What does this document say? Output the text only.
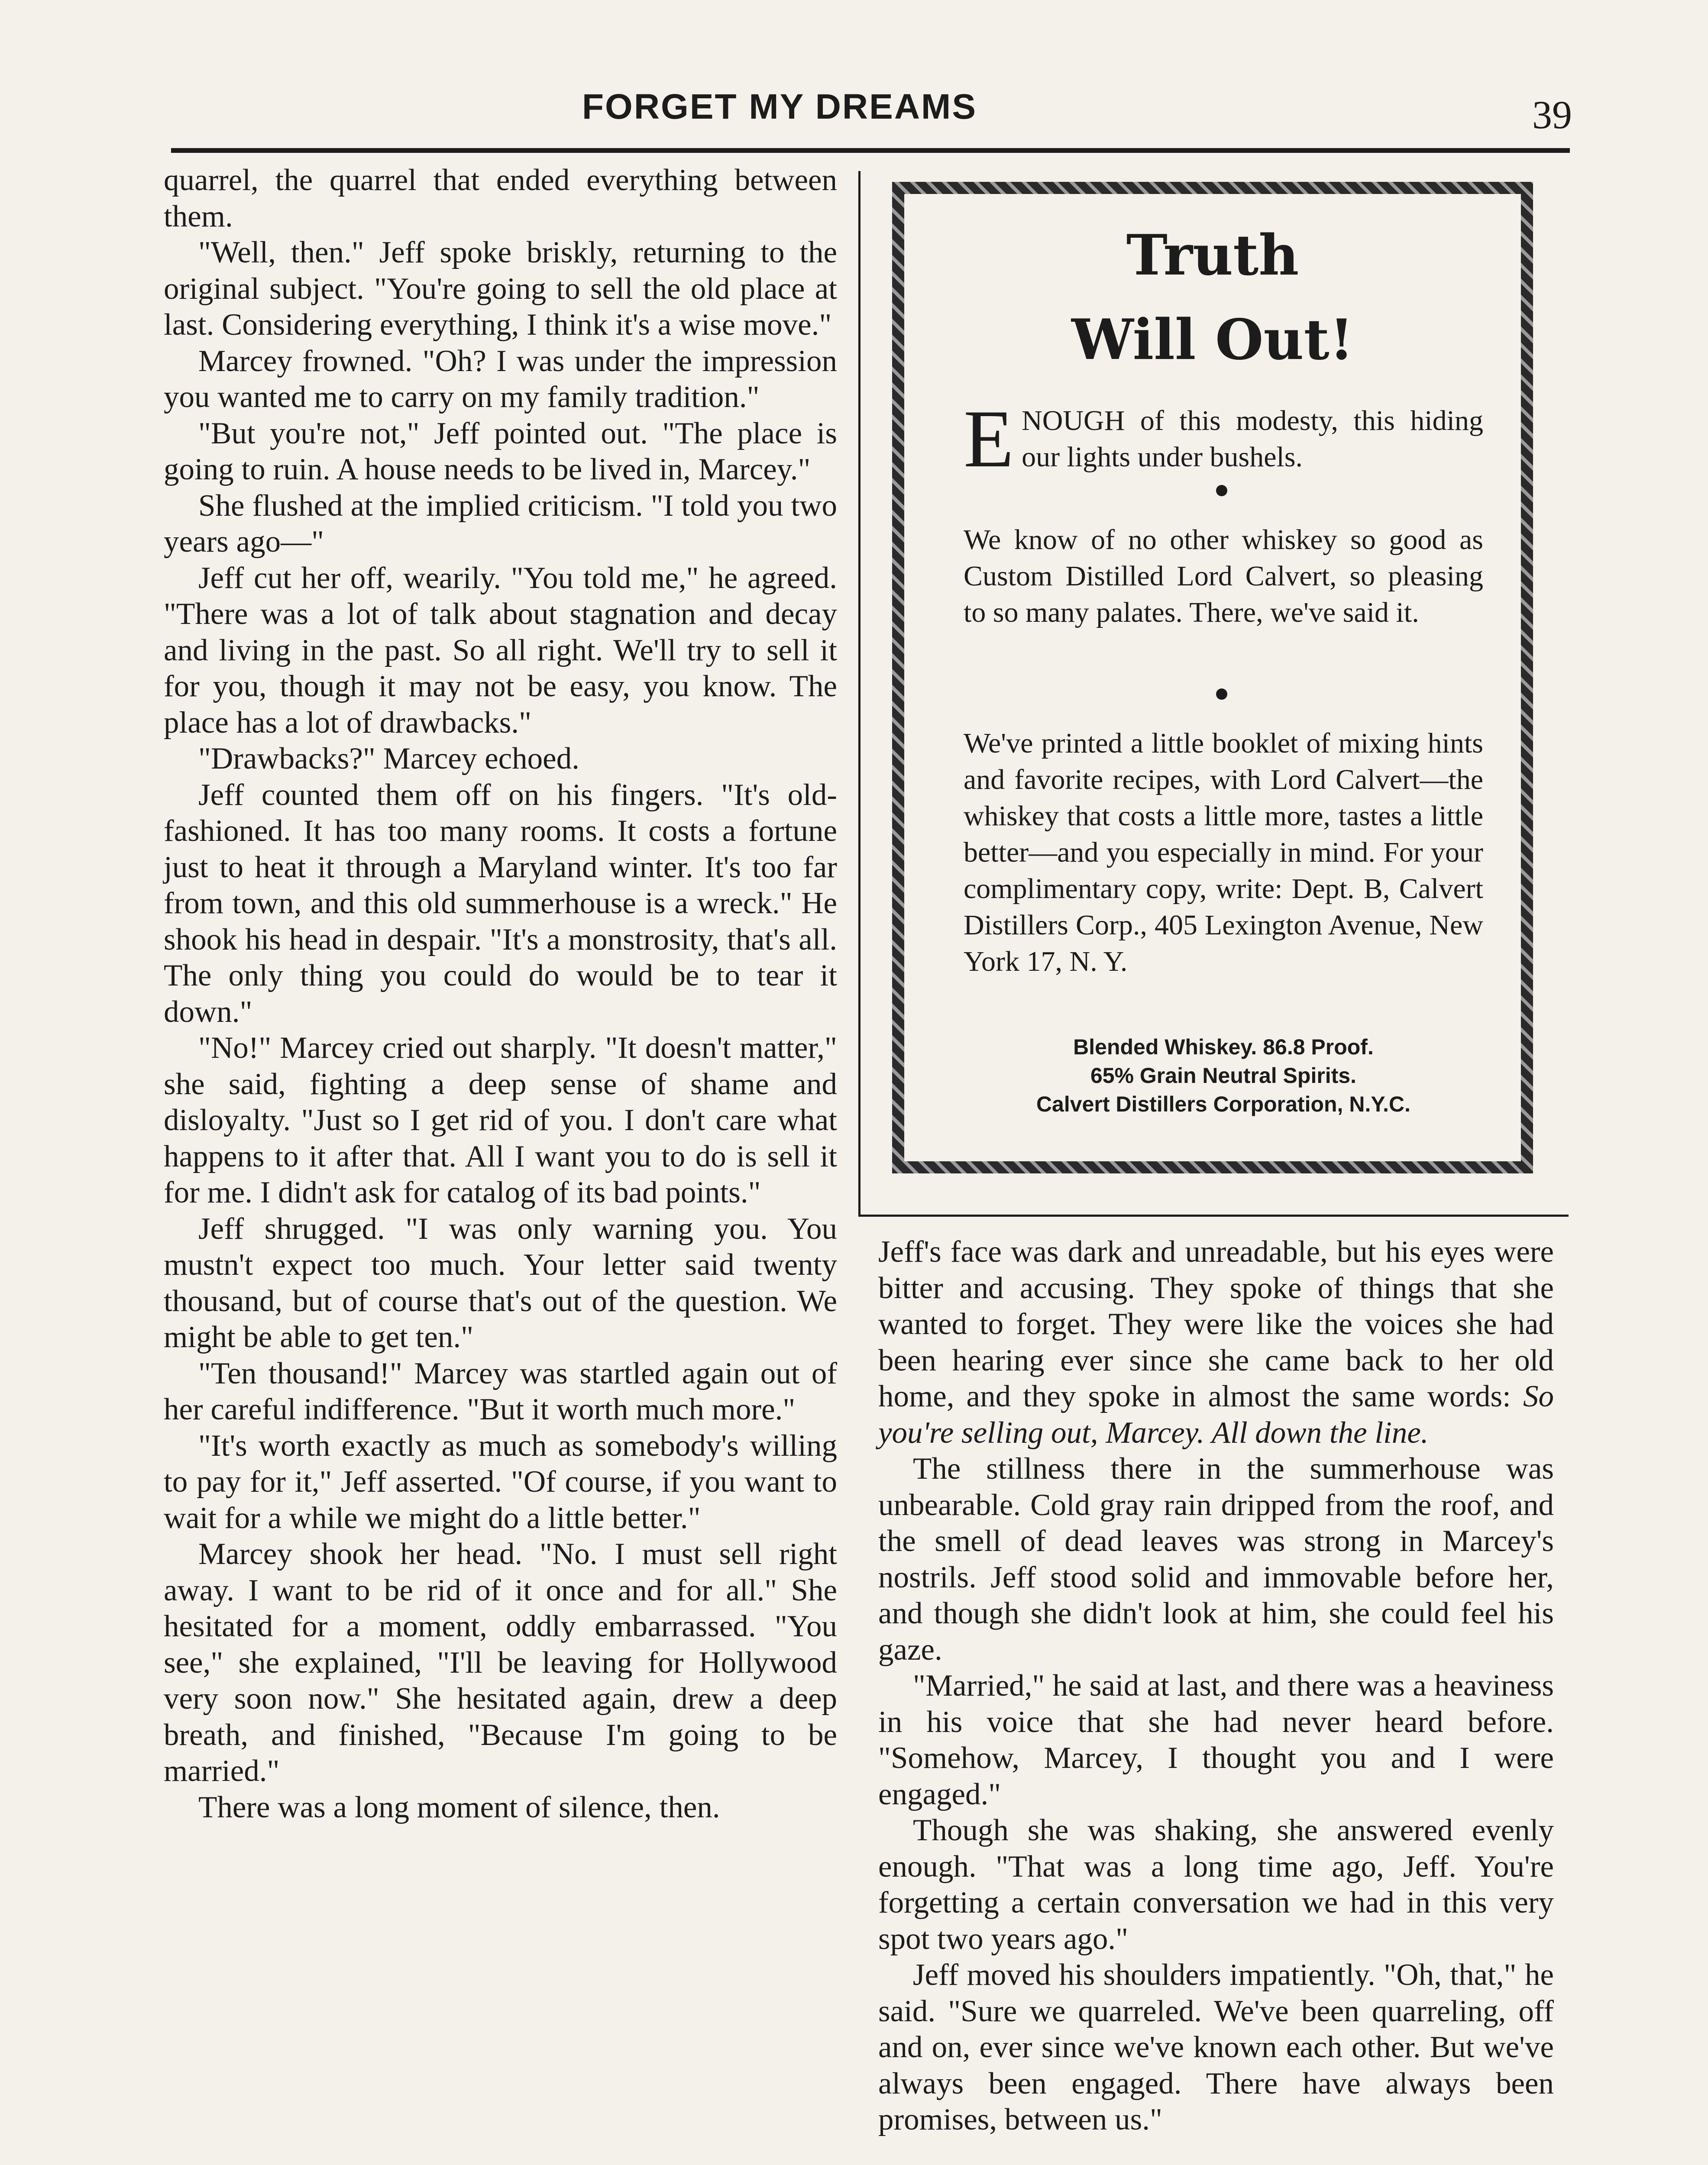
FORGET MY DREAMS	39

quarrel, the quarrel that ended everything between them.

"Well, then." Jeff spoke briskly, returning to the original subject. "You're going to sell the old place at last. Considering everything, I think it's a wise move."

Marcey frowned. "Oh? I was under the impression you wanted me to carry on my family tradition."

"But you're not," Jeff pointed out. "The place is going to ruin. A house needs to be lived in, Marcey."

She flushed at the implied criticism. "I told you two years ago—"

Jeff cut her off, wearily. "You told me," he agreed. "There was a lot of talk about stagnation and decay and living in the past. So all right. We'll try to sell it for you, though it may not be easy, you know. The place has a lot of drawbacks."

"Drawbacks?" Marcey echoed.

Jeff counted them off on his fingers. "It's old-fashioned. It has too many rooms. It costs a fortune just to heat it through a Maryland winter. It's too far from town, and this old summerhouse is a wreck." He shook his head in despair. "It's a monstrosity, that's all. The only thing you could do would be to tear it down."

"No!" Marcey cried out sharply. "It doesn't matter," she said, fighting a deep sense of shame and disloyalty. "Just so I get rid of you. I don't care what happens to it after that. All I want you to do is sell it for me. I didn't ask for catalog of its bad points."

Jeff shrugged. "I was only warning you. You mustn't expect too much. Your letter said twenty thousand, but of course that's out of the question. We might be able to get ten."

"Ten thousand!" Marcey was startled again out of her careful indifference. "But it worth much more."

"It's worth exactly as much as somebody's willing to pay for it," Jeff asserted. "Of course, if you want to wait for a while we might do a little better."

Marcey shook her head. "No. I must sell right away. I want to be rid of it once and for all." She hesitated for a moment, oddly embarrassed. "You see," she explained, "I'll be leaving for Hollywood very soon now." She hesitated again, drew a deep breath, and finished, "Because I'm going to be married."

There was a long moment of silence, then.

Truth
Will Out!
E NOUGH of this modesty, this hiding our lights under bushels.
We know of no other whiskey so good as Custom Distilled Lord Calvert, so pleasing to so many palates. There, we've said it.
We've printed a little booklet of mixing hints and favorite recipes, with Lord Calvert—the whiskey that costs a little more, tastes a little better—and you especially in mind. For your complimentary copy, write: Dept. B, Calvert Distillers Corp., 405 Lexington Avenue, New York 17, N. Y.
Blended Whiskey. 86.8 Proof.
65% Grain Neutral Spirits.
Calvert Distillers Corporation, N.Y.C.

Jeff's face was dark and unreadable, but his eyes were bitter and accusing. They spoke of things that she wanted to forget. They were like the voices she had been hearing ever since she came back to her old home, and they spoke in almost the same words: So you're selling out, Marcey. All down the line.

The stillness there in the summerhouse was unbearable. Cold gray rain dripped from the roof, and the smell of dead leaves was strong in Marcey's nostrils. Jeff stood solid and immovable before her, and though she didn't look at him, she could feel his gaze.

"Married," he said at last, and there was a heaviness in his voice that she had never heard before. "Somehow, Marcey, I thought you and I were engaged."

Though she was shaking, she answered evenly enough. "That was a long time ago, Jeff. You're forgetting a certain conversation we had in this very spot two years ago."

Jeff moved his shoulders impatiently. "Oh, that," he said. "Sure we quarreled. We've been quarreling, off and on, ever since we've known each other. But we've always been engaged. There have always been promises, between us."
